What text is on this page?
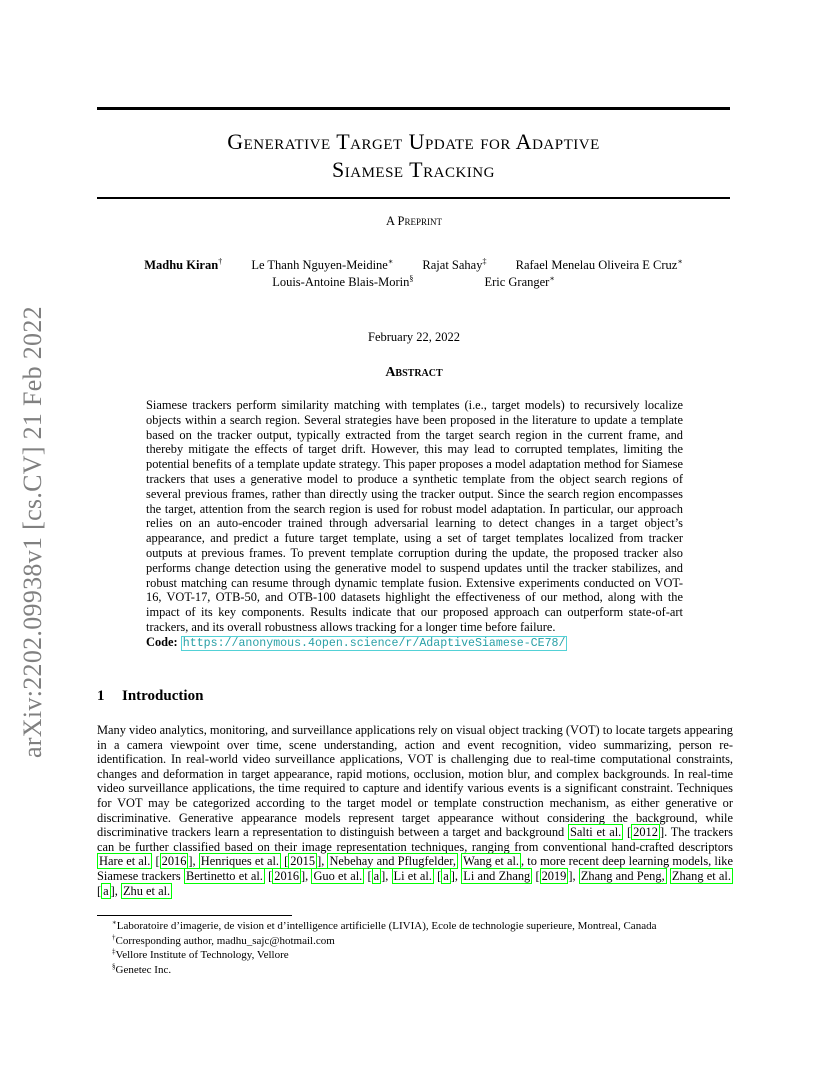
arXiv:2202.09938v1 [cs.CV] 21 Feb 2022
Generative Target Update for Adaptive
Siamese Tracking
A Preprint
Madhu Kiran† Le Thanh Nguyen-Meidine∗ Rajat Sahay‡ Rafael Menelau Oliveira E Cruz∗
Louis-Antoine Blais-Morin§	Eric Granger∗
February 22, 2022
Abstract
Siamese trackers perform similarity matching with templates (i.e., target models) to recursively localize objects within a search region. Several strategies have been proposed in the literature to update a template based on the tracker output, typically extracted from the target search region in the current frame, and thereby mitigate the effects of target drift. However, this may lead to corrupted templates, limiting the potential benefits of a template update strategy. This paper proposes a model adaptation method for Siamese trackers that uses a generative model to produce a synthetic template from the object search regions of several previous frames, rather than directly using the tracker output. Since the search region encompasses the target, attention from the search region is used for robust model adaptation. In particular, our approach relies on an auto-encoder trained through adversarial learning to detect changes in a target object’s appearance, and predict a future target template, using a set of target templates localized from tracker outputs at previous frames. To prevent template corruption during the update, the proposed tracker also performs change detection using the generative model to suspend updates until the tracker stabilizes, and robust matching can resume through dynamic template fusion. Extensive experiments conducted on VOT-16, VOT-17, OTB-50, and OTB-100 datasets highlight the effectiveness of our method, along with the impact of its key components. Results indicate that our proposed approach can outperform state-of-art trackers, and its overall robustness allows tracking for a longer time before failure.
Code: https://anonymous.4open.science/r/AdaptiveSiamese-CE78/
1 Introduction
Many video analytics, monitoring, and surveillance applications rely on visual object tracking (VOT) to locate targets appearing in a camera viewpoint over time, scene understanding, action and event recognition, video summarizing, person re-identification. In real-world video surveillance applications, VOT is challenging due to real-time computational constraints, changes and deformation in target appearance, rapid motions, occlusion, motion blur, and complex backgrounds. In real-time video surveillance applications, the time required to capture and identify various events is a significant constraint. Techniques for VOT may be categorized according to the target model or template construction mechanism, as either generative or discriminative. Generative appearance models represent target appearance without considering the background, while discriminative trackers learn a representation to distinguish between a target and background Salti et al. [ 2012 ]. The trackers can be further classified based on their image representation techniques, ranging from conventional hand-crafted descriptors Hare et al. [ 2016 ], Henriques et al. [ 2015 ], Nebehay and Pflugfelder, Wang et al. , to more recent deep learning models, like Siamese trackers Bertinetto et al. [ 2016 ], Guo et al. [ a ], Li et al. [ a ], Li and Zhang [ 2019 ], Zhang and Peng, Zhang et al. [ a ], Zhu et al.
∗Laboratoire d’imagerie, de vision et d’intelligence artificielle (LIVIA), Ecole de technologie superieure, Montreal, Canada
†Corresponding author, madhu_sajc@hotmail.com
‡Vellore Institute of Technology, Vellore
§Genetec Inc.
